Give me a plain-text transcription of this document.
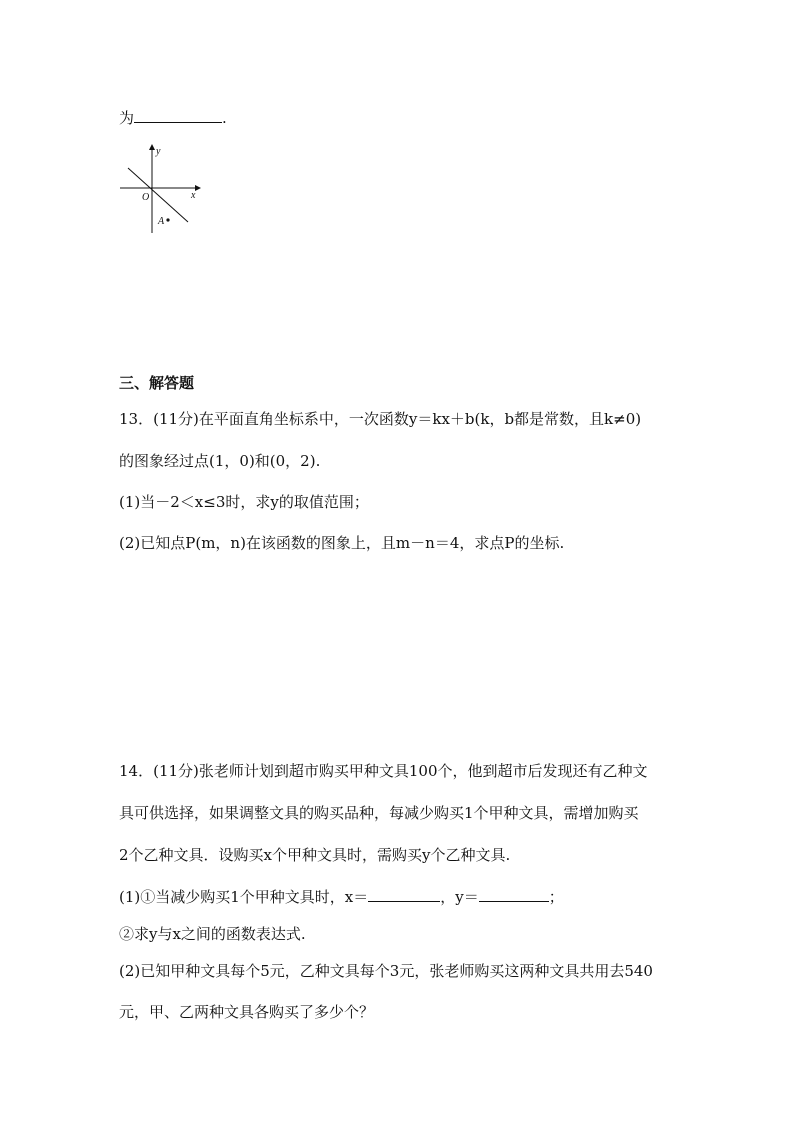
为	.
y
x
O
A
三、解答题
13．(11分)在平面直角坐标系中，一次函数y＝kx＋b(k，b都是常数，且k≠0)
的图象经过点(1，0)和(0，2).
(1)当－2＜x≤3时，求y的取值范围；
(2)已知点P(m，n)在该函数的图象上，且m－n＝4，求点P的坐标.
14．(11分)张老师计划到超市购买甲种文具100个，他到超市后发现还有乙种文
具可供选择，如果调整文具的购买品种，每减少购买1个甲种文具，需增加购买
2个乙种文具．设购买x个甲种文具时，需购买y个乙种文具.
(1)①当减少购买1个甲种文具时，x＝	，y＝	；
②求y与x之间的函数表达式.
(2)已知甲种文具每个5元，乙种文具每个3元，张老师购买这两种文具共用去540
元，甲、乙两种文具各购买了多少个？
